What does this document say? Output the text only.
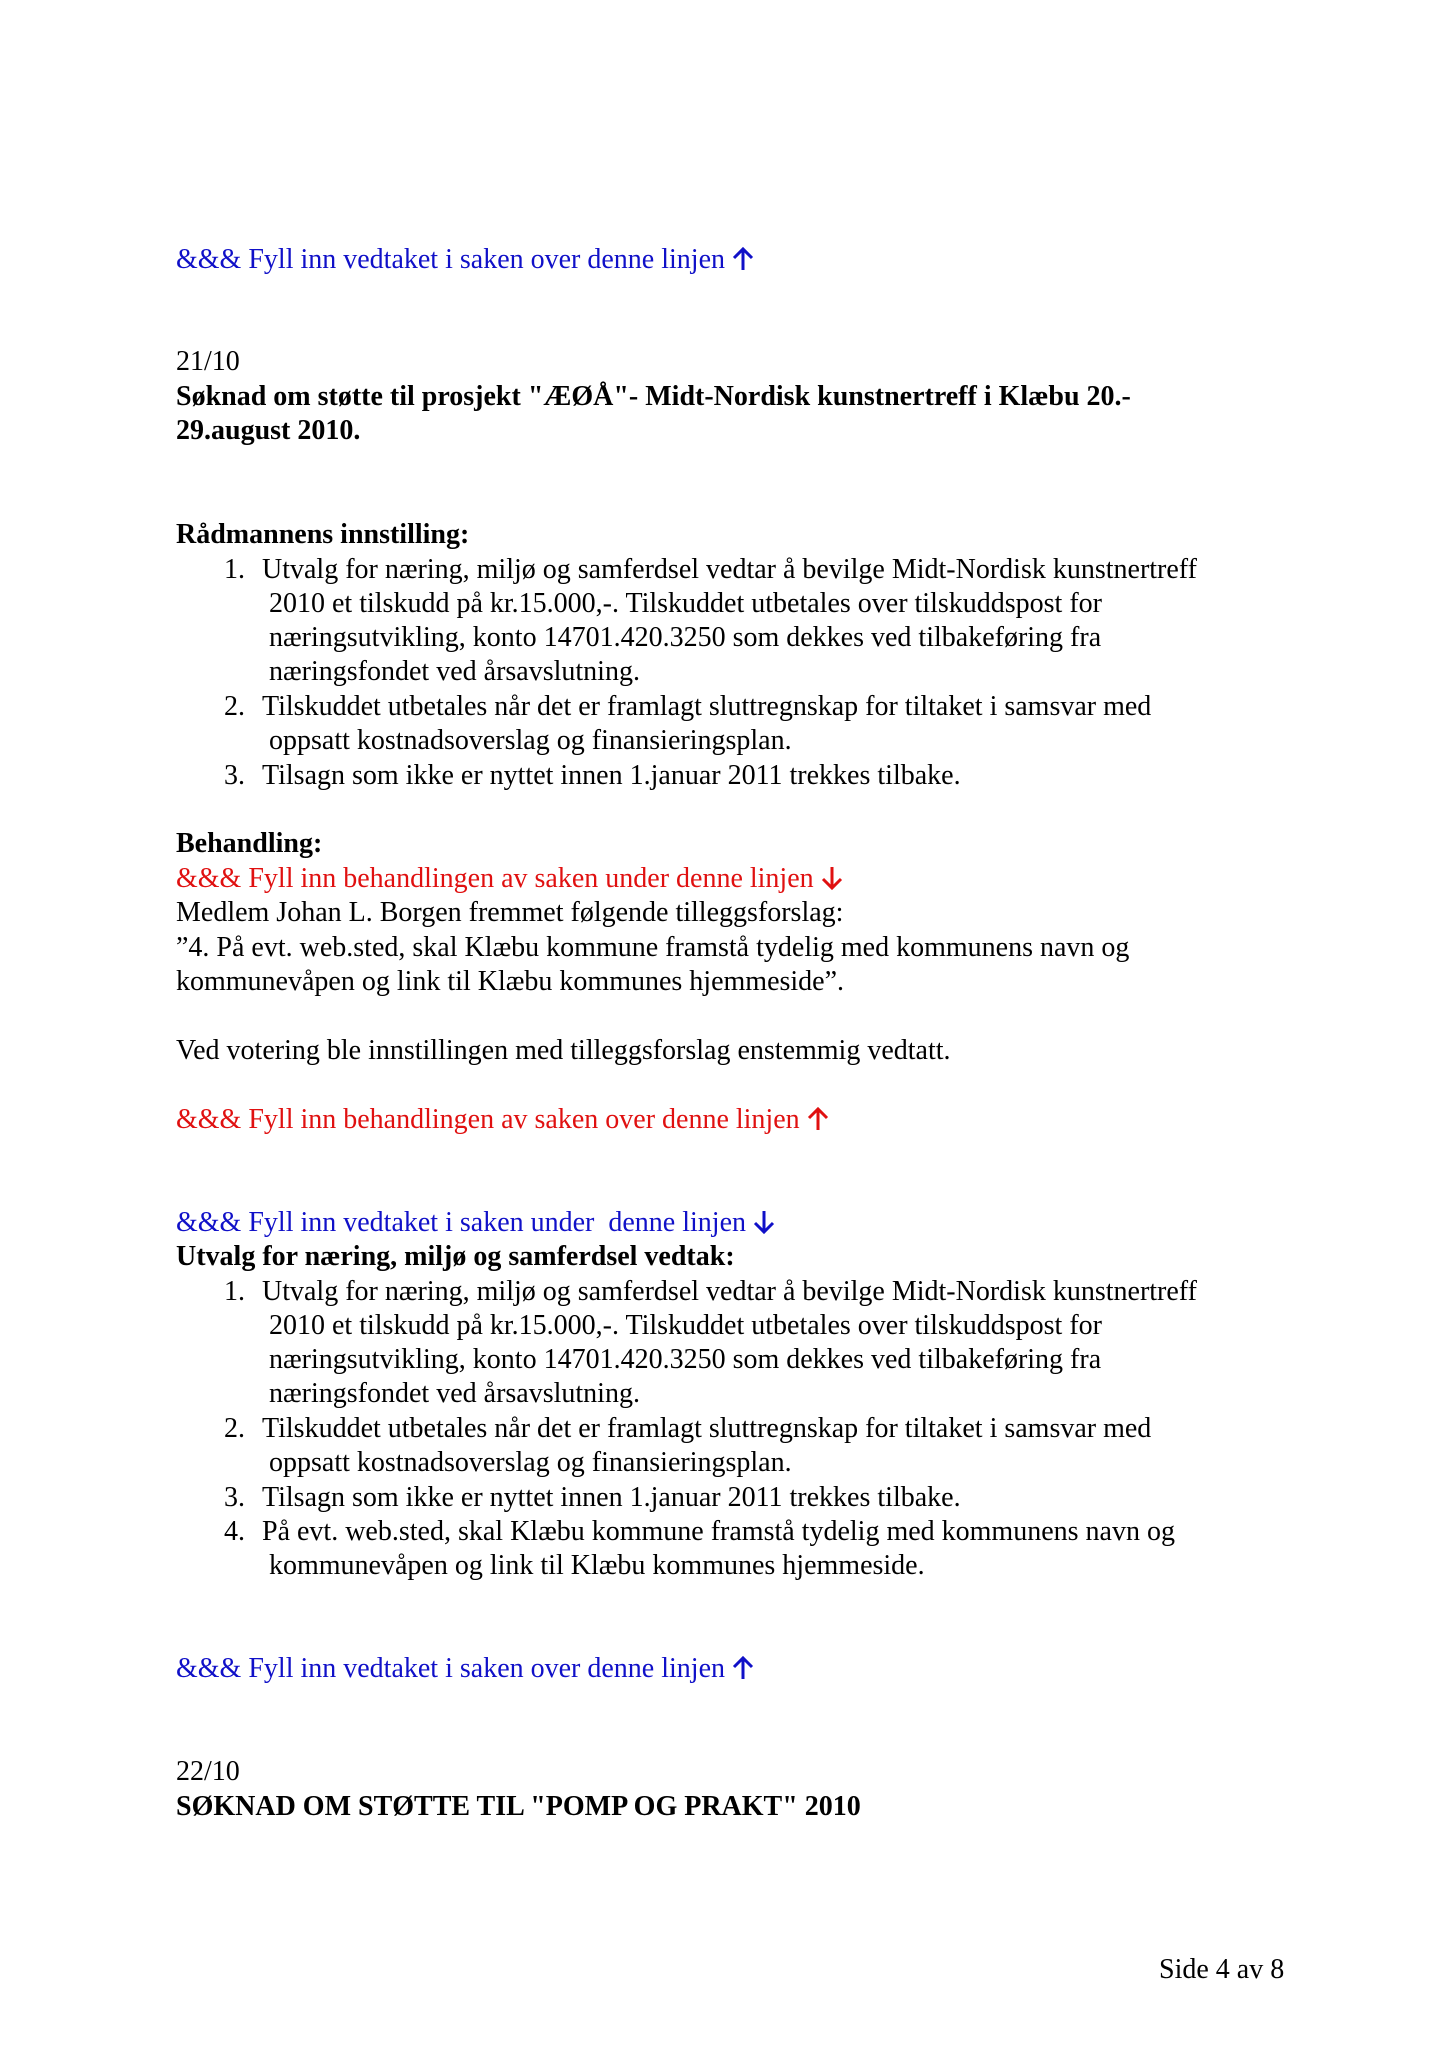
&&& Fyll inn vedtaket i saken over denne linjen
21/10
Søknad om støtte til prosjekt "ÆØÅ"- Midt-Nordisk kunstnertreff i Klæbu 20.-
29.august 2010.
Rådmannens innstilling:
1. Utvalg for næring, miljø og samferdsel vedtar å bevilge Midt-Nordisk kunstnertreff
2010 et tilskudd på kr.15.000,-. Tilskuddet utbetales over tilskuddspost for
næringsutvikling, konto 14701.420.3250 som dekkes ved tilbakeføring fra
næringsfondet ved årsavslutning.
2. Tilskuddet utbetales når det er framlagt sluttregnskap for tiltaket i samsvar med
oppsatt kostnadsoverslag og finansieringsplan.
3. Tilsagn som ikke er nyttet innen 1.januar 2011 trekkes tilbake.
Behandling:
&&& Fyll inn behandlingen av saken under denne linjen
Medlem Johan L. Borgen fremmet følgende tilleggsforslag:
”4. På evt. web.sted, skal Klæbu kommune framstå tydelig med kommunens navn og
kommunevåpen og link til Klæbu kommunes hjemmeside”.
Ved votering ble innstillingen med tilleggsforslag enstemmig vedtatt.
&&& Fyll inn behandlingen av saken over denne linjen
&&& Fyll inn vedtaket i saken under  denne linjen
Utvalg for næring, miljø og samferdsel vedtak:
1. Utvalg for næring, miljø og samferdsel vedtar å bevilge Midt-Nordisk kunstnertreff
2010 et tilskudd på kr.15.000,-. Tilskuddet utbetales over tilskuddspost for
næringsutvikling, konto 14701.420.3250 som dekkes ved tilbakeføring fra
næringsfondet ved årsavslutning.
2. Tilskuddet utbetales når det er framlagt sluttregnskap for tiltaket i samsvar med
oppsatt kostnadsoverslag og finansieringsplan.
3. Tilsagn som ikke er nyttet innen 1.januar 2011 trekkes tilbake.
4. På evt. web.sted, skal Klæbu kommune framstå tydelig med kommunens navn og
kommunevåpen og link til Klæbu kommunes hjemmeside.
&&& Fyll inn vedtaket i saken over denne linjen
22/10
SØKNAD OM STØTTE TIL "POMP OG PRAKT" 2010
Side 4 av 8
